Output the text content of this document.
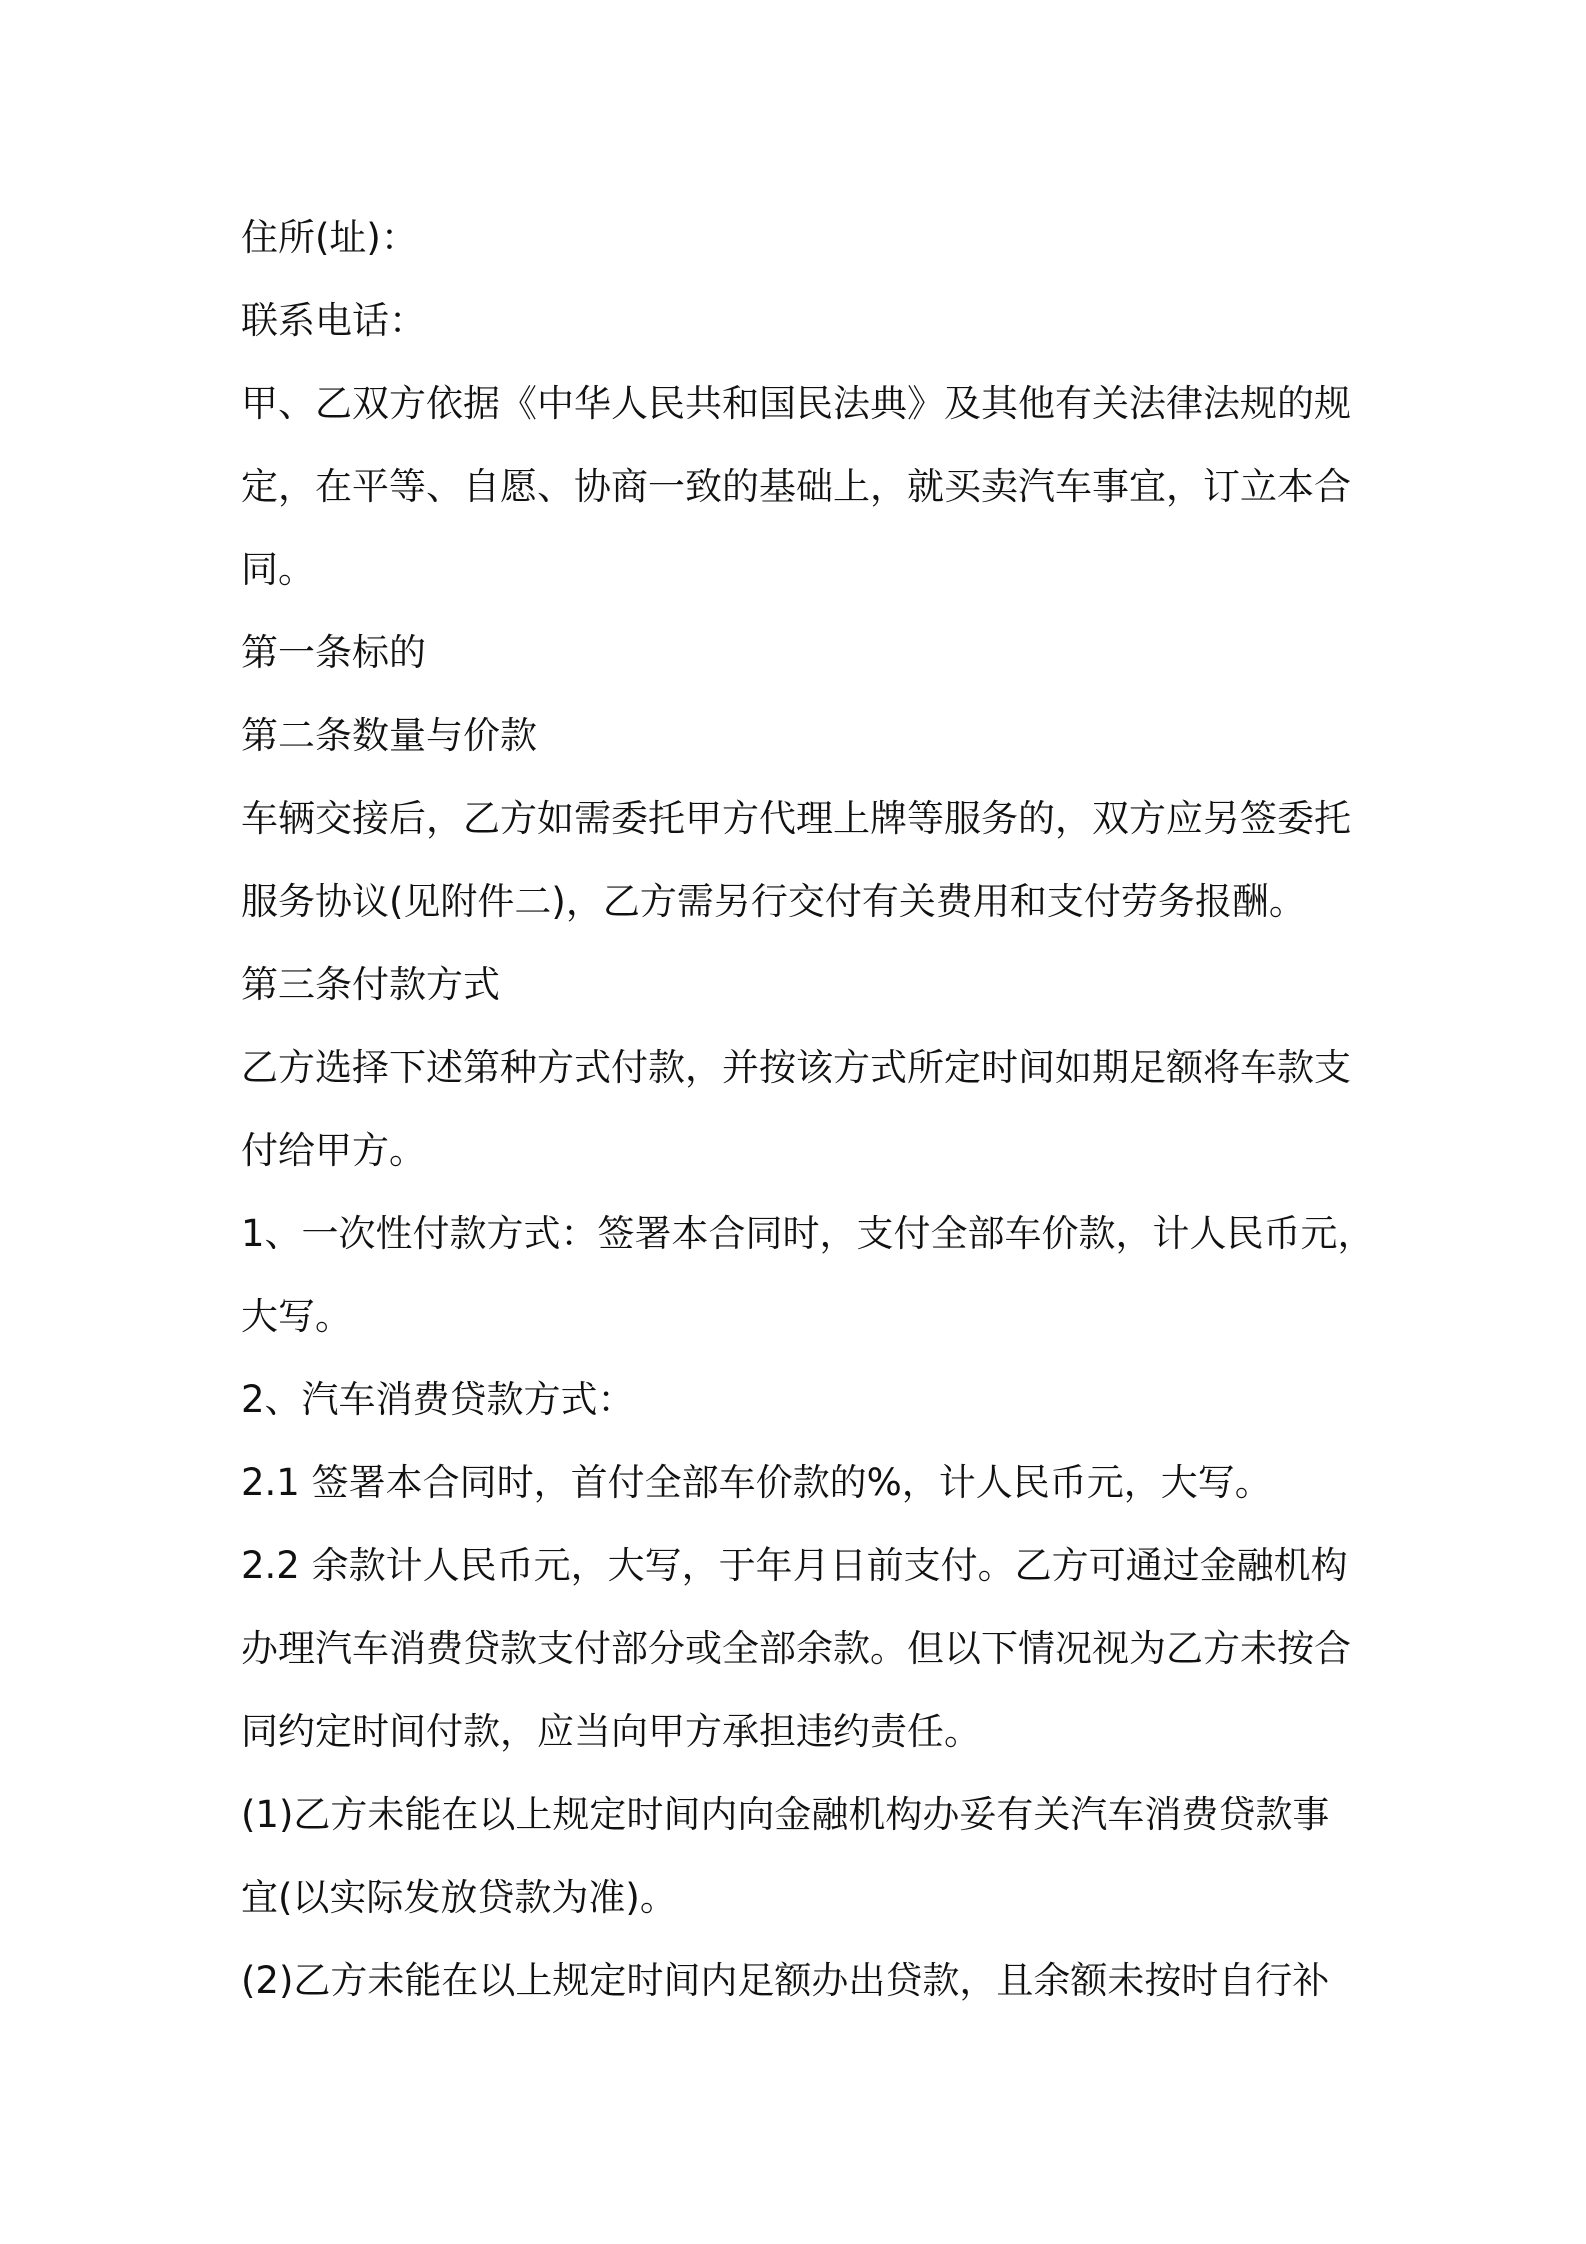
住所(址)：

联系电话：

甲、乙双方依据《中华人民共和国民法典》及其他有关法律法规的规
定，在平等、自愿、协商一致的基础上，就买卖汽车事宜，订立本合
同。

第一条标的

第二条数量与价款

车辆交接后，乙方如需委托甲方代理上牌等服务的，双方应另签委托
服务协议(见附件二)，乙方需另行交付有关费用和支付劳务报酬。

第三条付款方式

乙方选择下述第种方式付款，并按该方式所定时间如期足额将车款支
付给甲方。

1、一次性付款方式：签署本合同时，支付全部车价款，计人民币元，
大写。

2、汽车消费贷款方式：

2.1 签署本合同时，首付全部车价款的%，计人民币元，大写。

2.2 余款计人民币元，大写，于年月日前支付。乙方可通过金融机构
办理汽车消费贷款支付部分或全部余款。但以下情况视为乙方未按合
同约定时间付款，应当向甲方承担违约责任。

(1)乙方未能在以上规定时间内向金融机构办妥有关汽车消费贷款事
宜(以实际发放贷款为准)。

(2)乙方未能在以上规定时间内足额办出贷款，且余额未按时自行补
